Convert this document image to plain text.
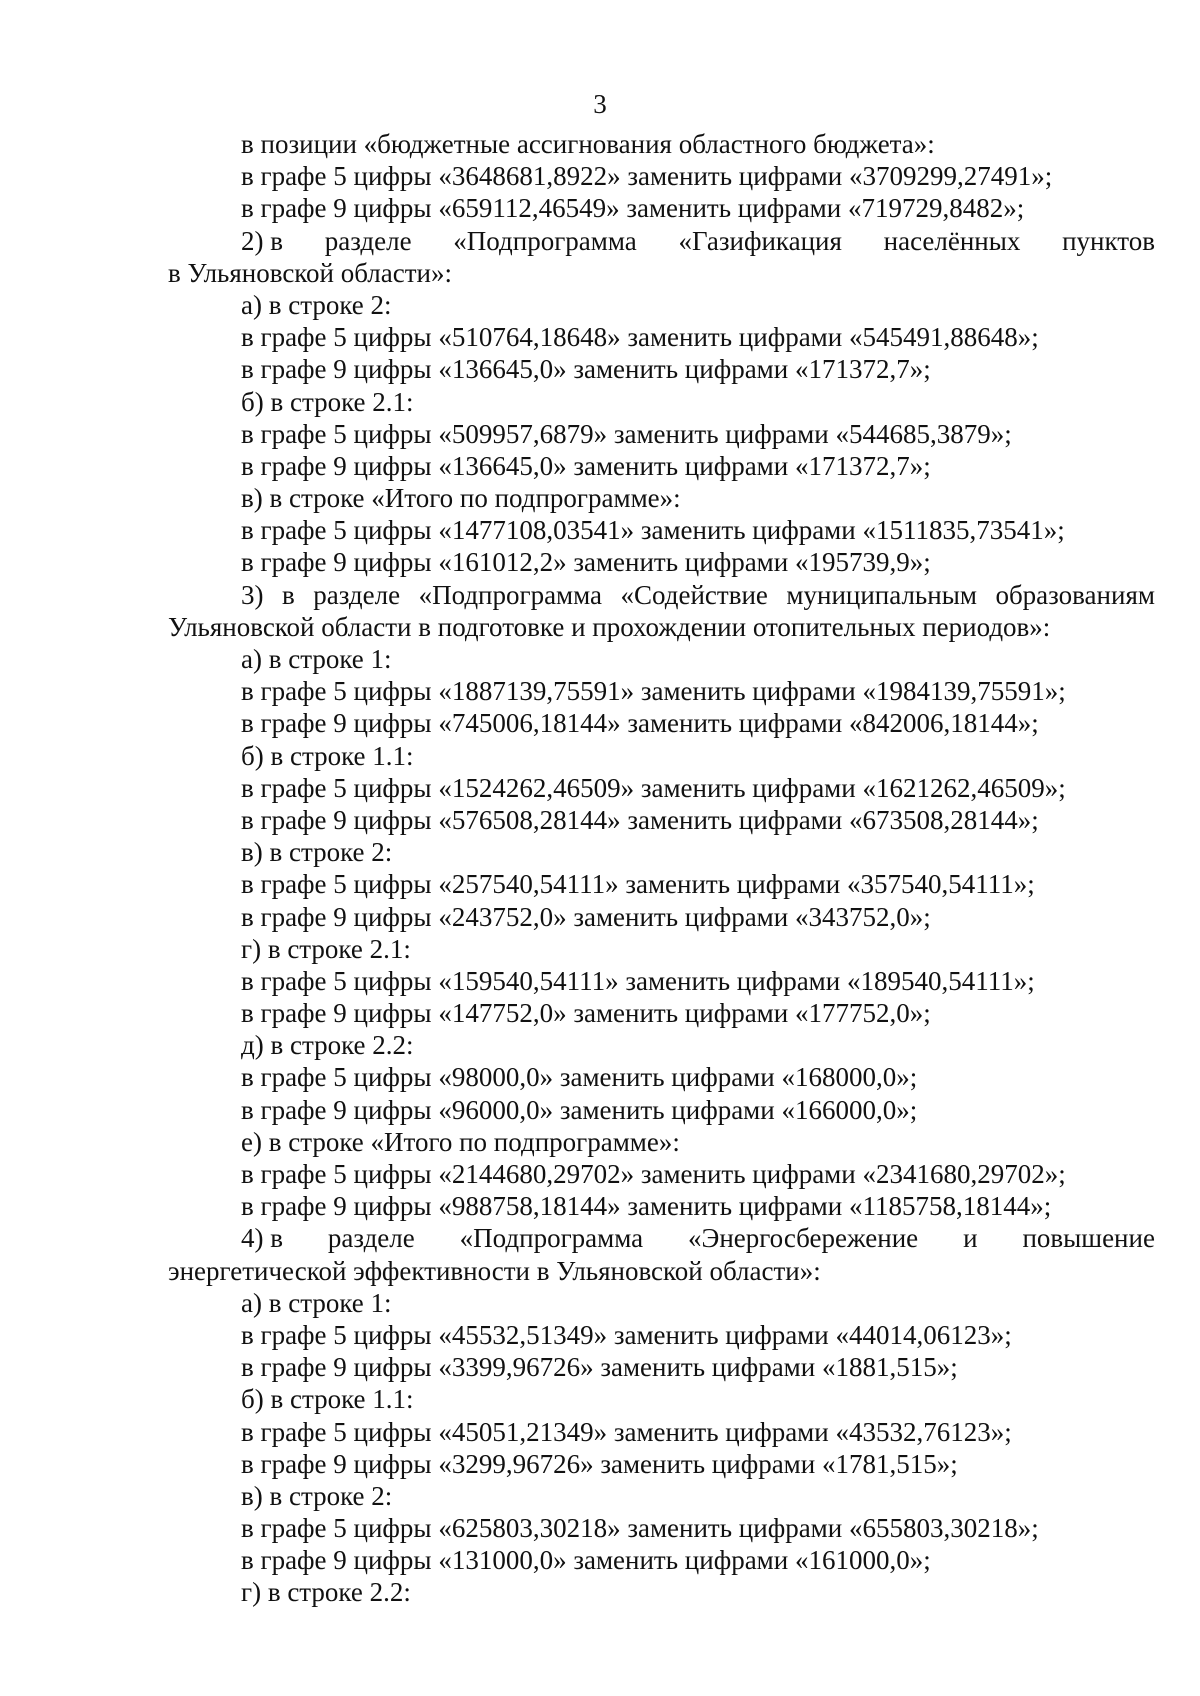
3
в позиции «бюджетные ассигнования областного бюджета»:
в графе 5 цифры «3648681,8922» заменить цифрами «3709299,27491»;
в графе 9 цифры «659112,46549» заменить цифрами «719729,8482»;
2) в разделе «Подпрограмма «Газификация населённых пунктов
в Ульяновской области»:
а) в строке 2:
в графе 5 цифры «510764,18648» заменить цифрами «545491,88648»;
в графе 9 цифры «136645,0» заменить цифрами «171372,7»;
б) в строке 2.1:
в графе 5 цифры «509957,6879» заменить цифрами «544685,3879»;
в графе 9 цифры «136645,0» заменить цифрами «171372,7»;
в) в строке «Итого по подпрограмме»:
в графе 5 цифры «1477108,03541» заменить цифрами «1511835,73541»;
в графе 9 цифры «161012,2» заменить цифрами «195739,9»;
3) в разделе «Подпрограмма «Содействие муниципальным образованиям
Ульяновской области в подготовке и прохождении отопительных периодов»:
а) в строке 1:
в графе 5 цифры «1887139,75591» заменить цифрами «1984139,75591»;
в графе 9 цифры «745006,18144» заменить цифрами «842006,18144»;
б) в строке 1.1:
в графе 5 цифры «1524262,46509» заменить цифрами «1621262,46509»;
в графе 9 цифры «576508,28144» заменить цифрами «673508,28144»;
в) в строке 2:
в графе 5 цифры «257540,54111» заменить цифрами «357540,54111»;
в графе 9 цифры «243752,0» заменить цифрами «343752,0»;
г) в строке 2.1:
в графе 5 цифры «159540,54111» заменить цифрами «189540,54111»;
в графе 9 цифры «147752,0» заменить цифрами «177752,0»;
д) в строке 2.2:
в графе 5 цифры «98000,0» заменить цифрами «168000,0»;
в графе 9 цифры «96000,0» заменить цифрами «166000,0»;
е) в строке «Итого по подпрограмме»:
в графе 5 цифры «2144680,29702» заменить цифрами «2341680,29702»;
в графе 9 цифры «988758,18144» заменить цифрами «1185758,18144»;
4) в разделе «Подпрограмма «Энергосбережение и повышение
энергетической эффективности в Ульяновской области»:
а) в строке 1:
в графе 5 цифры «45532,51349» заменить цифрами «44014,06123»;
в графе 9 цифры «3399,96726» заменить цифрами «1881,515»;
б) в строке 1.1:
в графе 5 цифры «45051,21349» заменить цифрами «43532,76123»;
в графе 9 цифры «3299,96726» заменить цифрами «1781,515»;
в) в строке 2:
в графе 5 цифры «625803,30218» заменить цифрами «655803,30218»;
в графе 9 цифры «131000,0» заменить цифрами «161000,0»;
г) в строке 2.2:
